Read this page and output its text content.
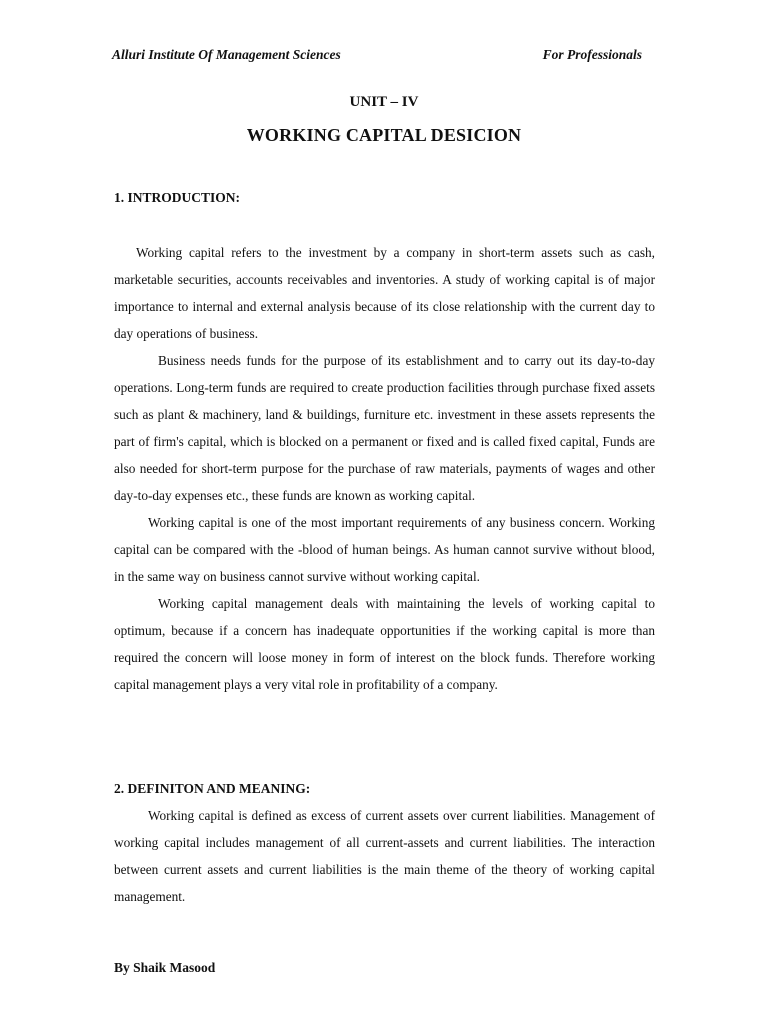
Alluri Institute Of Management Sciences	For Professionals
UNIT – IV
WORKING CAPITAL DESICION
1. INTRODUCTION:

Working capital refers to the investment by a company in short-term assets such as cash, marketable securities, accounts receivables and inventories. A study of working capital is of major importance to internal and external analysis because of its close relationship with the current day to day operations of business.

Business needs funds for the purpose of its establishment and to carry out its day-to-day operations. Long-term funds are required to create production facilities through purchase fixed assets such as plant & machinery, land & buildings, furniture etc. investment in these assets represents the part of firm's capital, which is blocked on a permanent or fixed and is called fixed capital, Funds are also needed for short-term purpose for the purchase of raw materials, payments of wages and other day-to-day expenses etc., these funds are known as working capital.

Working capital is one of the most important requirements of any business concern. Working capital can be compared with the -blood of human beings. As human cannot survive without blood, in the same way on business cannot survive without working capital.

Working capital management deals with maintaining the levels of working capital to optimum, because if a concern has inadequate opportunities if the working capital is more than required the concern will loose money in form of interest on the block funds. Therefore working capital management plays a very vital role in profitability of a company.

2. DEFINITON AND MEANING:

Working capital is defined as excess of current assets over current liabilities. Management of working capital includes management of all current-assets and current liabilities. The interaction between current assets and current liabilities is the main theme of the theory of working capital management.

By Shaik Masood
